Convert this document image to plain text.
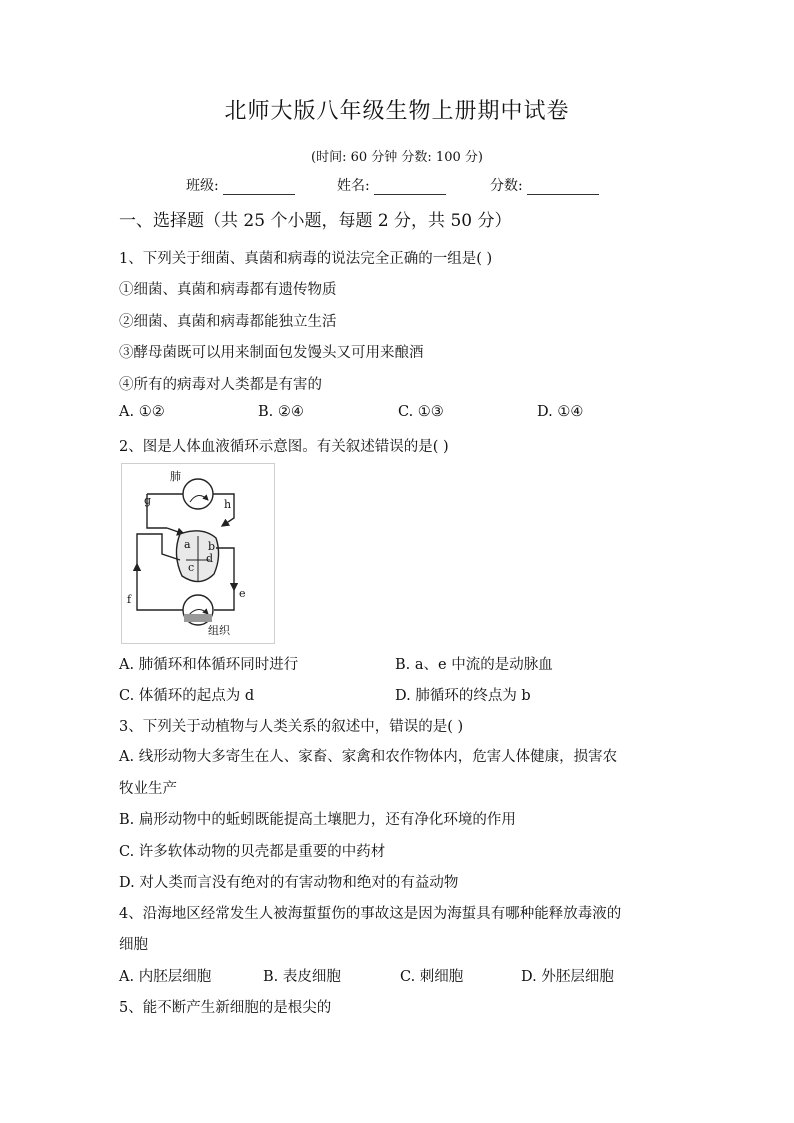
北师大版八年级生物上册期中试卷
(时间: 60 分钟 分数: 100 分)
班级:	姓名:	分数:
一、选择题（共 25 个小题，每题 2 分，共 50 分）
1、下列关于细菌、真菌和病毒的说法完全正确的一组是( )
①细菌、真菌和病毒都有遗传物质
②细菌、真菌和病毒都能独立生活
③酵母菌既可以用来制面包发馒头又可用来酿酒
④所有的病毒对人类都是有害的
A. ①②	B. ②④	C. ①③	D. ①④
2、图是人体血液循环示意图。有关叙述错误的是( )
肺
组织
a b
c
d
e
f
g	h
A. 肺循环和体循环同时进行	B. a、e 中流的是动脉血
C. 体循环的起点为 d	D. 肺循环的终点为 b
3、下列关于动植物与人类关系的叙述中，错误的是( )
A. 线形动物大多寄生在人、家畜、家禽和农作物体内，危害人体健康，损害农
牧业生产
B. 扁形动物中的蚯蚓既能提高土壤肥力，还有净化环境的作用
C. 许多软体动物的贝壳都是重要的中药材
D. 对人类而言没有绝对的有害动物和绝对的有益动物
4、沿海地区经常发生人被海蜇蜇伤的事故这是因为海蜇具有哪种能释放毒液的
细胞
A. 内胚层细胞	B. 表皮细胞	C. 刺细胞	D. 外胚层细胞
5、能不断产生新细胞的是根尖的
